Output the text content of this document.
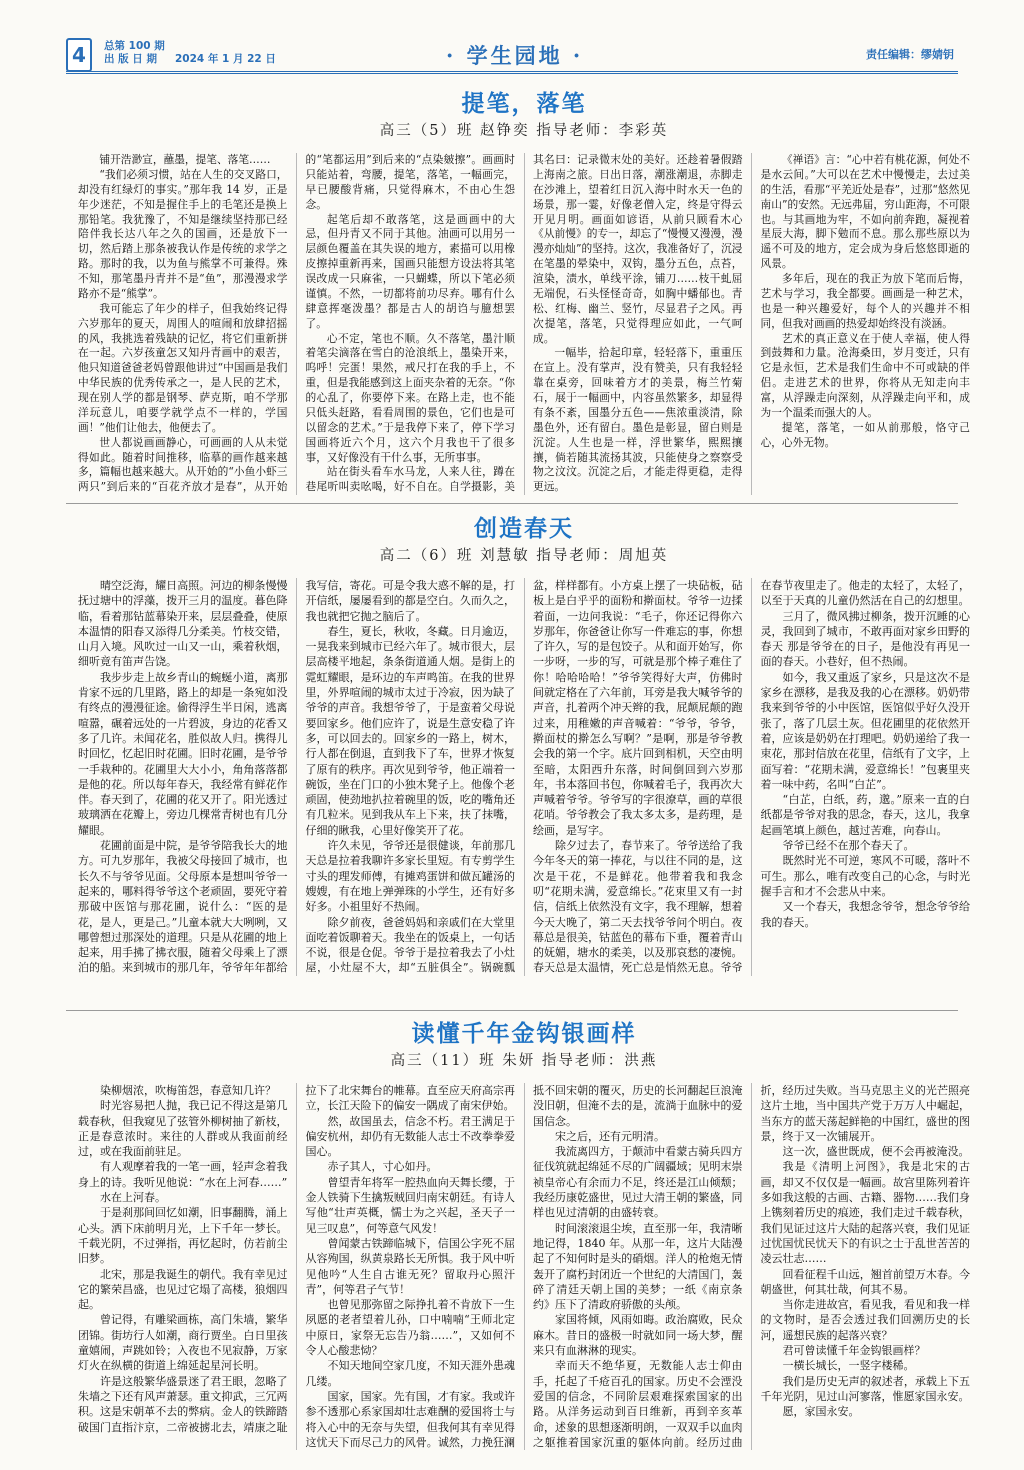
4	总第 100 期
出 版 日 期 2024 年 1 月 22 日	· 学生园地 ·	责任编辑：缪婧钥
提笔，落笔
高三（5）班 赵铮奕 指导老师：李彩英

铺开浩渺宣，蘸墨，提笔、落笔……

“我们必须习惯，站在人生的交叉路口，却没有红绿灯的事实。”那年我 14 岁，正是年少迷茫，不知是握住手上的毛笔还是换上那铅笔。我犹豫了，不知是继续坚持那已经陪伴我长达八年之久的国画，还是放下一切，然后踏上那条被我认作是传统的求学之路。那时的我，以为鱼与熊掌不可兼得。殊不知，那笔墨丹青并不是“鱼”，那漫漫求学路亦不是“熊掌”。

我可能忘了年少的样子，但我始终记得六岁那年的夏天，周围人的喧闹和放肆招摇的风，我挑选着残缺的记忆，将它们重新拼在一起。六岁孩童怎又知丹青画中的艰苦，他只知道爸爸老妈曾跟他讲过“中国画是我们中华民族的优秀传承之一，是人民的艺术，现在别人学的都是钢琴、萨克斯，咱不学那洋玩意儿，咱要学就学点不一样的，学国画！”他们让他去，他便去了。

世人都说画画静心，可画画的人从未觉得如此。随着时间推移，临摹的画作越来越多，篇幅也越来越大。从开始的“小鱼小虾三两只”到后来的“百花齐放才是春”，从开始的“笔都运用”到后来的“点染皴擦”。画画时只能站着，弯腰，提笔，落笔，一幅画完，早已腰酸背痛，只觉得麻木，不由心生怨念。

起笔后却不敢落笔，这是画画中的大忌，但丹青又不同于其他。油画可以用另一层颜色覆盖在其失误的地方，素描可以用橡皮擦掉重新再来，国画只能想方设法将其笔误改成一只麻雀，一只蝴蝶，所以下笔必须谨慎。不然，一切都将前功尽弃。哪有什么肆意挥毫泼墨？都是古人的胡诌与臆想罢了。

心不定，笔也不顺。久不落笔，墨汁顺着笔尖滴落在雪白的沧浪纸上，墨染开来，呜呼！完蛋！果然，戒尺打在我的手上，不重，但是我能感到这上面夹杂着的无奈。“你的心乱了，你要停下来。在路上走，也不能只低头赶路，看看周围的景色，它们也是可以留念的艺术。”于是我停下来了，停下学习国画将近六个月，这六个月我也干了很多事，又好像没有干什么事，无所事事。

站在街头看车水马龙，人来人往，蹲在巷尾听叫卖吆喝，好不自在。自学摄影，美其名曰：记录微末处的美好。还趁着暑假踏上海南之旅。日出日落，潮涨潮退，赤脚走在沙滩上，望着红日沉入海中时水天一色的场景，那一霎，好像老僧入定，终是守得云开见月明。画面如谚语，从前只顾看木心《从前慢》的专一，却忘了“慢慢又漫漫，漫漫亦灿灿”的坚持。这次，我准备好了，沉浸在笔墨的晕染中，双钩，墨分五色，点苔，渲染，渍水，单线平涂，铺刀……枝干虬屈无端倪，石头怪怪奇奇，如胸中蟠郁也。青松、红梅、幽兰、竖竹，尽显君子之风。再次提笔，落笔，只觉得理应如此，一气呵成。

一幅毕，拾起印章，轻轻落下，重重压在宣上。没有掌声，没有赞美，只有我轻轻靠在桌旁，回味着方才的美景，梅兰竹菊石，展于一幅画中，内容虽然繁多，却显得有条不紊，国墨分五色——焦浓重淡清，除墨色外，还有留白。墨色是彰显，留白则是沉淀。人生也是一样，浮世繁华，熙熙攘攘，倘若随其流扬其波，只能使身之察察受物之汶汶。沉淀之后，才能走得更稳，走得更远。

《禅语》言：“心中若有桃花源，何处不是水云间。”大可以在艺术中慢慢走，去过美的生活，看那“平羌近处是春”，过那“悠然见南山”的安然。无远弗届，穷山距海，不可限也。与其画地为牢，不如向前奔跑，凝视着星辰大海，脚下勉而不息。那么那些原以为遥不可及的地方，定会成为身后悠悠即逝的风景。

多年后，现在的我正为放下笔而后悔，艺术与学习，我全都要。画画是一种艺术，也是一种兴趣爱好，每个人的兴趣并不相同，但我对画画的热爱却始终没有淡涵。

艺术的真正意义在于使人幸福，使人得到鼓舞和力量。沧海桑田，岁月变迁，只有它是永恒，艺术是我们生命中不可或缺的伴侣。走进艺术的世界，你将从无知走向丰富，从浮躁走向深刻，从浮躁走向平和，成为一个温柔而强大的人。

提笔，落笔，一如从前那般，恪守己心，心外无物。

创造春天
高二（6）班 刘慧敏 指导老师：周旭英

晴空泛海，耀日高照。河边的柳条慢慢抚过塘中的浮藻，拨开三月的温度。暮色降临，看着那钻蓝幕染开来，层层叠叠，使原本温情的阳春又添得几分柔美。竹枝交错，山月入境。风吹过一山又一山，乘着秋烟，细听竟有笛声告饶。

我步步走上故乡青山的蜿蜒小道，离那肯家不远的几里路，路上的却是一条宛如没有终点的漫漫征途。偷得浮生半日闲，逃离喧嚣，碾着远处的一片碧波，身边的花香又多了几许。未闻花名，胜似故人归。携得儿时回忆，忆起旧时花圃。旧时花圃，是爷爷一手栽种的。花圃里大大小小，角角落落都是他的花。所以每年春天，我经常有鲜花作伴。春天到了，花圃的花又开了。阳光透过玻璃洒在花瓣上，旁边几棵常青树也有几分耀眼。

花圃前面是中院，是爷爷陪我长大的地方。可九岁那年，我被父母接回了城市，也长久不与爷爷见面。父母原本是想叫爷爷一起来的，哪料得爷爷这个老顽固，要死守着那破中医馆与那花圃，说什么：“医的是花，是人，更是己。”儿童本就大大咧咧，又哪曾想过那深处的道理。只是从花圃的地上起来，用手拂了拂衣服，随着父母乘上了漂泊的船。来到城市的那几年，爷爷年年都给我写信，寄花。可是令我大惑不解的是，打开信纸，屡屡看到的都是空白。久而久之，我也就把它抛之脑后了。

春生，夏长，秋收，冬藏。日月逾迈，一晃我来到城市已经六年了。城市很大，层层高楼平地起，条条街道通人烟。是街上的霓虹耀眼，是环边的车声鸣笛。在我的世界里，外界喧闹的城市太过于冷寂，因为缺了爷爷的声音。我想爷爷了，于是蛮着父母说要回家乡。他们应许了，说是生意安稳了许多，可以回去的。回家乡的一路上，树木，行人都在倒退，直到我下了车，世界才恢复了原有的秩序。再次见到爷爷，他正端着一碗饭，坐在门口的小独木凳子上。他像个老顽固，使劲地扒拉着碗里的饭，吃的嘴角还有几粒米。见到我从车上下来，扶了抹嘴，仔细的瞅我，心里好像笑开了花。

许久未见，爷爷还是很健谈，年前那几天总是拉着我聊许多家长里短。有专剪学生寸头的理发师傅，有摊鸡蛋饼和做瓦罐汤的嫂嫂，有在地上弹弹珠的小学生，还有好多好多。小祖里好不热闹。

除夕前夜，爸爸妈妈和亲戚们在大堂里面吃着饭聊着天。我坐在的饭桌上，一句话不说，很是仓促。爷爷于是拉着我去了小灶屋，小灶屋不大，却“五脏俱全”。锅碗瓢盆，样样都有。小方桌上摆了一块砧板，砧板上是白乎乎的面粉和擀面杖。爷爷一边揉着面，一边问我说：“毛子，你还记得你六岁那年，你爸爸让你写一件难忘的事，你想了许久，写的是包饺子。从和面开始写，你一步呀，一步的写，可就是那个棒子难住了你！哈哈哈哈！”爷爷笑得好大声，仿佛时间就定格在了六年前，耳旁是我大喊爷爷的声音，扎着两个冲天辫的我，屁颠屁颠的跑过来，用稚嫩的声音喊着：“爷爷，爷爷，擀面杖的擀怎么写啊？”是啊，那是爷爷教会我的第一个字。底片回到相机，天空由明至暗，太阳西升东落，时间倒回到六岁那年，书本落回书包，你喊着毛子，我再次大声喊着爷爷。爷爷写的字很潦草，画的草很花哨。爷爷教会了我太多太多，是药理，是绘画，是写字。

除夕过去了，春节来了。爷爷送给了我今年冬天的第一捧花，与以往不同的是，这次是干花，不是鲜花。他带着我和我念叨“花期未满，爱意绵长。”花束里又有一封信，信纸上依然没有文字，我不理解，想着今天大晚了，第二天去找爷爷问个明白。夜幕总是很美，钴蓝色的幕布下垂，覆着青山的妩媚，塘水的柔美，以及那哀愁的凄惋。春天总是太温情，死亡总是悄然无息。爷爷在春节夜里走了。他走的太轻了，太轻了，以至于天真的儿童仍然活在自己的幻想里。

三月了，微风拂过柳条，拨开沉睡的心灵，我回到了城市，不敢再面对家乡田野的春天 那是爷爷在的日子，是他没有再见一面的春天。小巷好，但不热闹。

如今，我又重返了家乡，只是这次不是家乡在漂移，是我及我的心在漂移。奶奶带我来到爷爷的小中医馆，医馆似乎好久没开张了，落了几层土灰。但花圃里的花依然开着，应该是奶奶在打理吧。奶奶递给了我一束花，那封信放在花里，信纸有了文字，上面写着：“花期未满，爱意绵长！”包裹里夹着一味中药，名叫“白芷”。

“白芷，白纸，药，邈。”原来一直的白纸都是爷爷对我的思念，春天，这儿，我拿起画笔填上颜色，越过苦难，向春山。

爷爷已经不在那个春天了。

既然时光不可逆，寒风不可暖，落叶不可生。那么，唯有改变自己的心念，与时光握手言和才不会悲从中来。

又一个春天，我想念爷爷，想念爷爷给我的春天。

读懂千年金钩银画样
高三（11）班 朱妍 指导老师：洪燕

染柳烟浓，吹梅笛怨，春意知几许？

时光容易把人抛，我已记不得这是第几载春秋，但我窥见了弦管外柳树抽了新枝，正是春意浓时。来往的人群或从我面前经过，或在我面前驻足。

有人观摩着我的一笔一画，轻声念着我身上的诗。我听见他说：“水在上河春……”

水在上河春。

于是刹那间回忆如潮，旧事翻腾，涌上心头。洒下床前明月光，上下千年一梦长。千载光阴，不过弹指，再忆起时，仿若前尘旧梦。

北宋，那是我诞生的朝代。我有幸见过它的繁荣昌盛，也见过它塌了高楼，狼烟四起。

曾记得，有雕梁画栋，高门朱墙，繁华团锦。街坊行人如潮，商行贾坐。白日里孩童嬉闹，声跳如铃；入夜也不见寂静，万家灯火在纵横的街道上绵延起星河长明。

许是这般繁华盛景迷了君王眼，忽略了朱墙之下还有风声萧瑟。重文抑武，三冗两积。这是宋朝革不去的弊病。金人的铁蹄踏破国门直指汴京，二帝被掳北去，靖康之耻拉下了北宋舞台的帷幕。直至应天府高宗再立，长江天险下的偏安一隅成了南宋伊始。

然，故国虽去，信念不朽。君王满足于偏安杭州，却仍有无数能人志士不改拳拳爱国心。

赤子其人，寸心如丹。

曾望青年将军一腔热血向天舞长缨，于金人铁骑下生擒叛贼回归南宋朝廷。有诗人写他“壮声英概，懦士为之兴起，圣天子一见三叹息”，何等意气风发！

曾闻蒙古铁蹄临城下，信国公字死不屈从容殉国，纵黄泉路长无所惧。我于风中听见他吟“人生自古谁无死？留取丹心照汗青”，何等君子气节！

也曾见那弥留之际挣扎着不肯放下一生夙愿的老者望着儿孙，口中喃喃“王师北定中原日，家祭无忘告乃翁……”，又如何不令人心酸悲恸？

不知天地间空家几度，不知天涯外患魂几缕。

国家，国家。先有国，才有家。我或许参不透那心系家国却壮志难酬的爱国将士与将入心中的无奈与失望，但我何其有幸见得这忧天下而尽己力的风骨。诚然，力挽狂澜抵不回宋朝的覆灭，历史的长河翻起巨浪淹没旧朝，但淹不去的是，流淌于血脉中的爱国信念。

宋之后，还有元明清。

我流离四方，于颠沛中看蒙古骑兵四方征伐筑就起绵延不尽的广阔疆域；见明末崇祯皇帝心有余而力不足，终还是江山倾颓；我经历康乾盛世，见过大清王朝的繁盛，同样也见过清朝的由盛转衰。

时间滚滚退尘埃，直至那一年，我清晰地记得，1840 年。从那一年，这片大陆漫起了不知何时是头的硝烟。洋人的枪炮无情轰开了腐朽封闭近一个世纪的大清国门，轰碎了清廷天朝上国的美梦；一纸《南京条约》压下了清政府骄傲的头颅。

家国将倾，风雨如晦。政治腐败，民众麻木。昔日的盛极一时就如同一场大梦，醒来只有血淋淋的现实。

幸而天不绝华夏，无数能人志士仰由手，托起了千疮百孔的国家。历史不会湮没爱国的信念，不同阶层艰难探索国家的出路。从洋务运动到百日维新，再到辛亥革命，述象的思想逐渐明朗，一双双手以血肉之躯推着国家沉重的躯体向前。经历过曲折，经历过失败。当马克思主义的光芒照亮这片土地，当中国共产党于万万人中崛起，当东方的蓝天荡起鲜艳的中国红，盛世的图景，终于又一次铺展开。

这一次，盛世既成，便不会再被淹没。

我是《清明上河图》，我是北宋的古画，却又不仅仅是一幅画。故宫里陈列着许多如我这般的古画、古籍、器物……我们身上镌刻着历史的痕迹，我们走过千载春秋，我们见证过这片大陆的起落兴衰，我们见证过忧国忧民忧天下的有识之士于乱世苦苦的凌云壮志……

回看征程千山远，翘首前望万木春。今朝盛世，何其壮哉，何其不易。

当你走进故宫，看见我，看见和我一样的文物时，是否会透过我们回溯历史的长河，遥想民族的起落兴衰？

君可曾读懂千年金钩银画样？

一横长城长，一竖字楼稀。

我们是历史无声的叙述者，承载上下五千年光阴，见过山河寥落，惟愿家国永安。

愿，家国永安。
